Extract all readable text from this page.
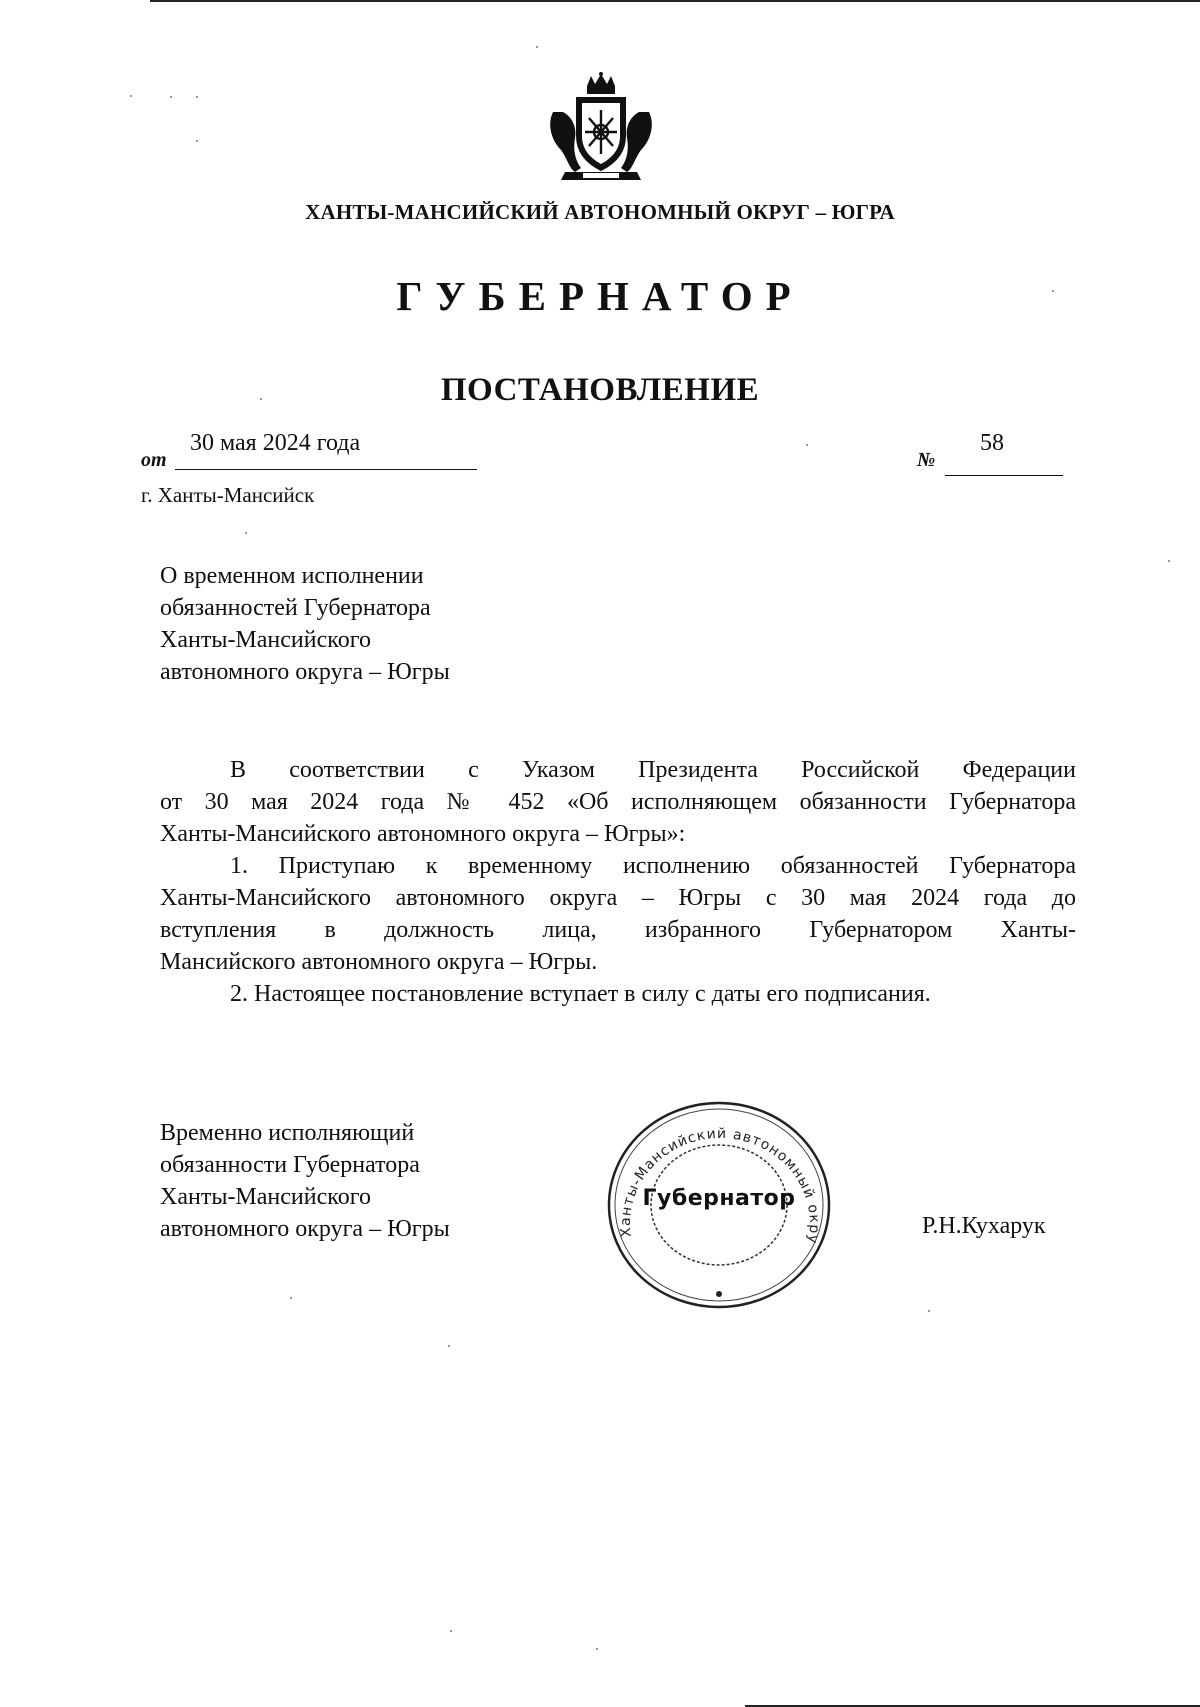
ХАНТЫ-МАНСИЙСКИЙ АВТОНОМНЫЙ ОКРУГ – ЮГРА
ГУБЕРНАТОР
ПОСТАНОВЛЕНИЕ
от
30 мая 2024 года
№
58
г. Ханты-Мансийск
О временном исполнении
обязанностей Губернатора
Ханты-Мансийского
автономного округа – Югры
В соответствии с Указом Президента Российской Федерации
от 30 мая 2024 года № 452 «Об исполняющем обязанности Губернатора
Ханты-Мансийского автономного округа – Югры»:
1. Приступаю к временному исполнению обязанностей Губернатора
Ханты-Мансийского автономного округа – Югры с 30 мая 2024 года до
вступления в должность лица, избранного Губернатором Ханты-
Мансийского автономного округа – Югры.
2. Настоящее постановление вступает в силу с даты его подписания.
Временно исполняющий
обязанности Губернатора
Ханты-Мансийского
автономного округа – Югры	Ханты-Мансийский автономный окру
Губернатор
Р.Н.Кухарук
